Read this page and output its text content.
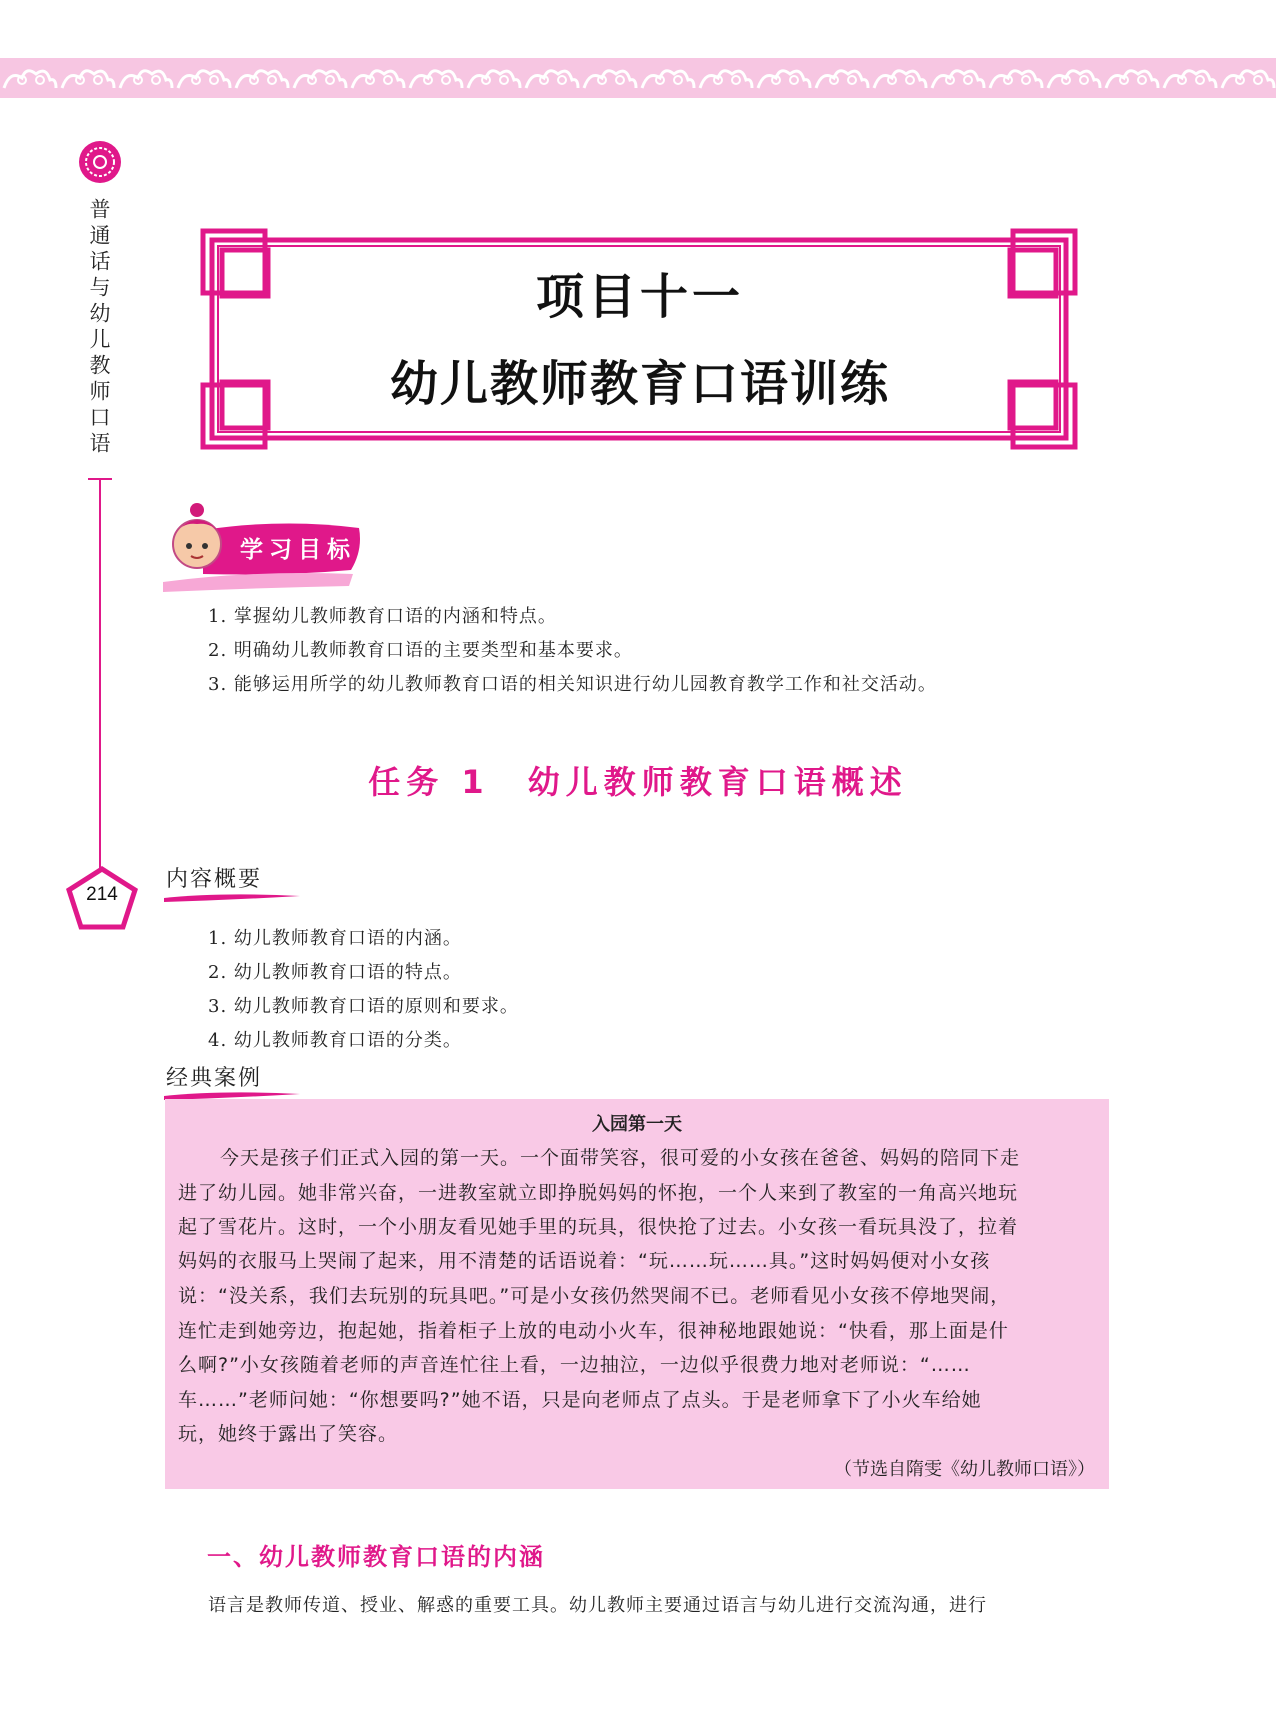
普通话与幼儿教师口语
214
项目十一
幼儿教师教育口语训练
学习目标
1. 掌握幼儿教师教育口语的内涵和特点。
2. 明确幼儿教师教育口语的主要类型和基本要求。
3. 能够运用所学的幼儿教师教育口语的相关知识进行幼儿园教育教学工作和社交活动。
任务 1　幼儿教师教育口语概述
内容概要
1. 幼儿教师教育口语的内涵。
2. 幼儿教师教育口语的特点。
3. 幼儿教师教育口语的原则和要求。
4. 幼儿教师教育口语的分类。
经典案例
入园第一天
今天是孩子们正式入园的第一天。一个面带笑容，很可爱的小女孩在爸爸、妈妈的陪同下走
进了幼儿园。她非常兴奋，一进教室就立即挣脱妈妈的怀抱，一个人来到了教室的一角高兴地玩
起了雪花片。这时，一个小朋友看见她手里的玩具，很快抢了过去。小女孩一看玩具没了，拉着
妈妈的衣服马上哭闹了起来，用不清楚的话语说着：“玩……玩……具。”这时妈妈便对小女孩
说：“没关系，我们去玩别的玩具吧。”可是小女孩仍然哭闹不已。老师看见小女孩不停地哭闹，
连忙走到她旁边，抱起她，指着柜子上放的电动小火车，很神秘地跟她说：“快看，那上面是什
么啊?”小女孩随着老师的声音连忙往上看，一边抽泣，一边似乎很费力地对老师说：“……
车……”老师问她：“你想要吗?”她不语，只是向老师点了点头。于是老师拿下了小火车给她
玩，她终于露出了笑容。
（节选自隋雯《幼儿教师口语》）
一、幼儿教师教育口语的内涵
语言是教师传道、授业、解惑的重要工具。幼儿教师主要通过语言与幼儿进行交流沟通，进行
